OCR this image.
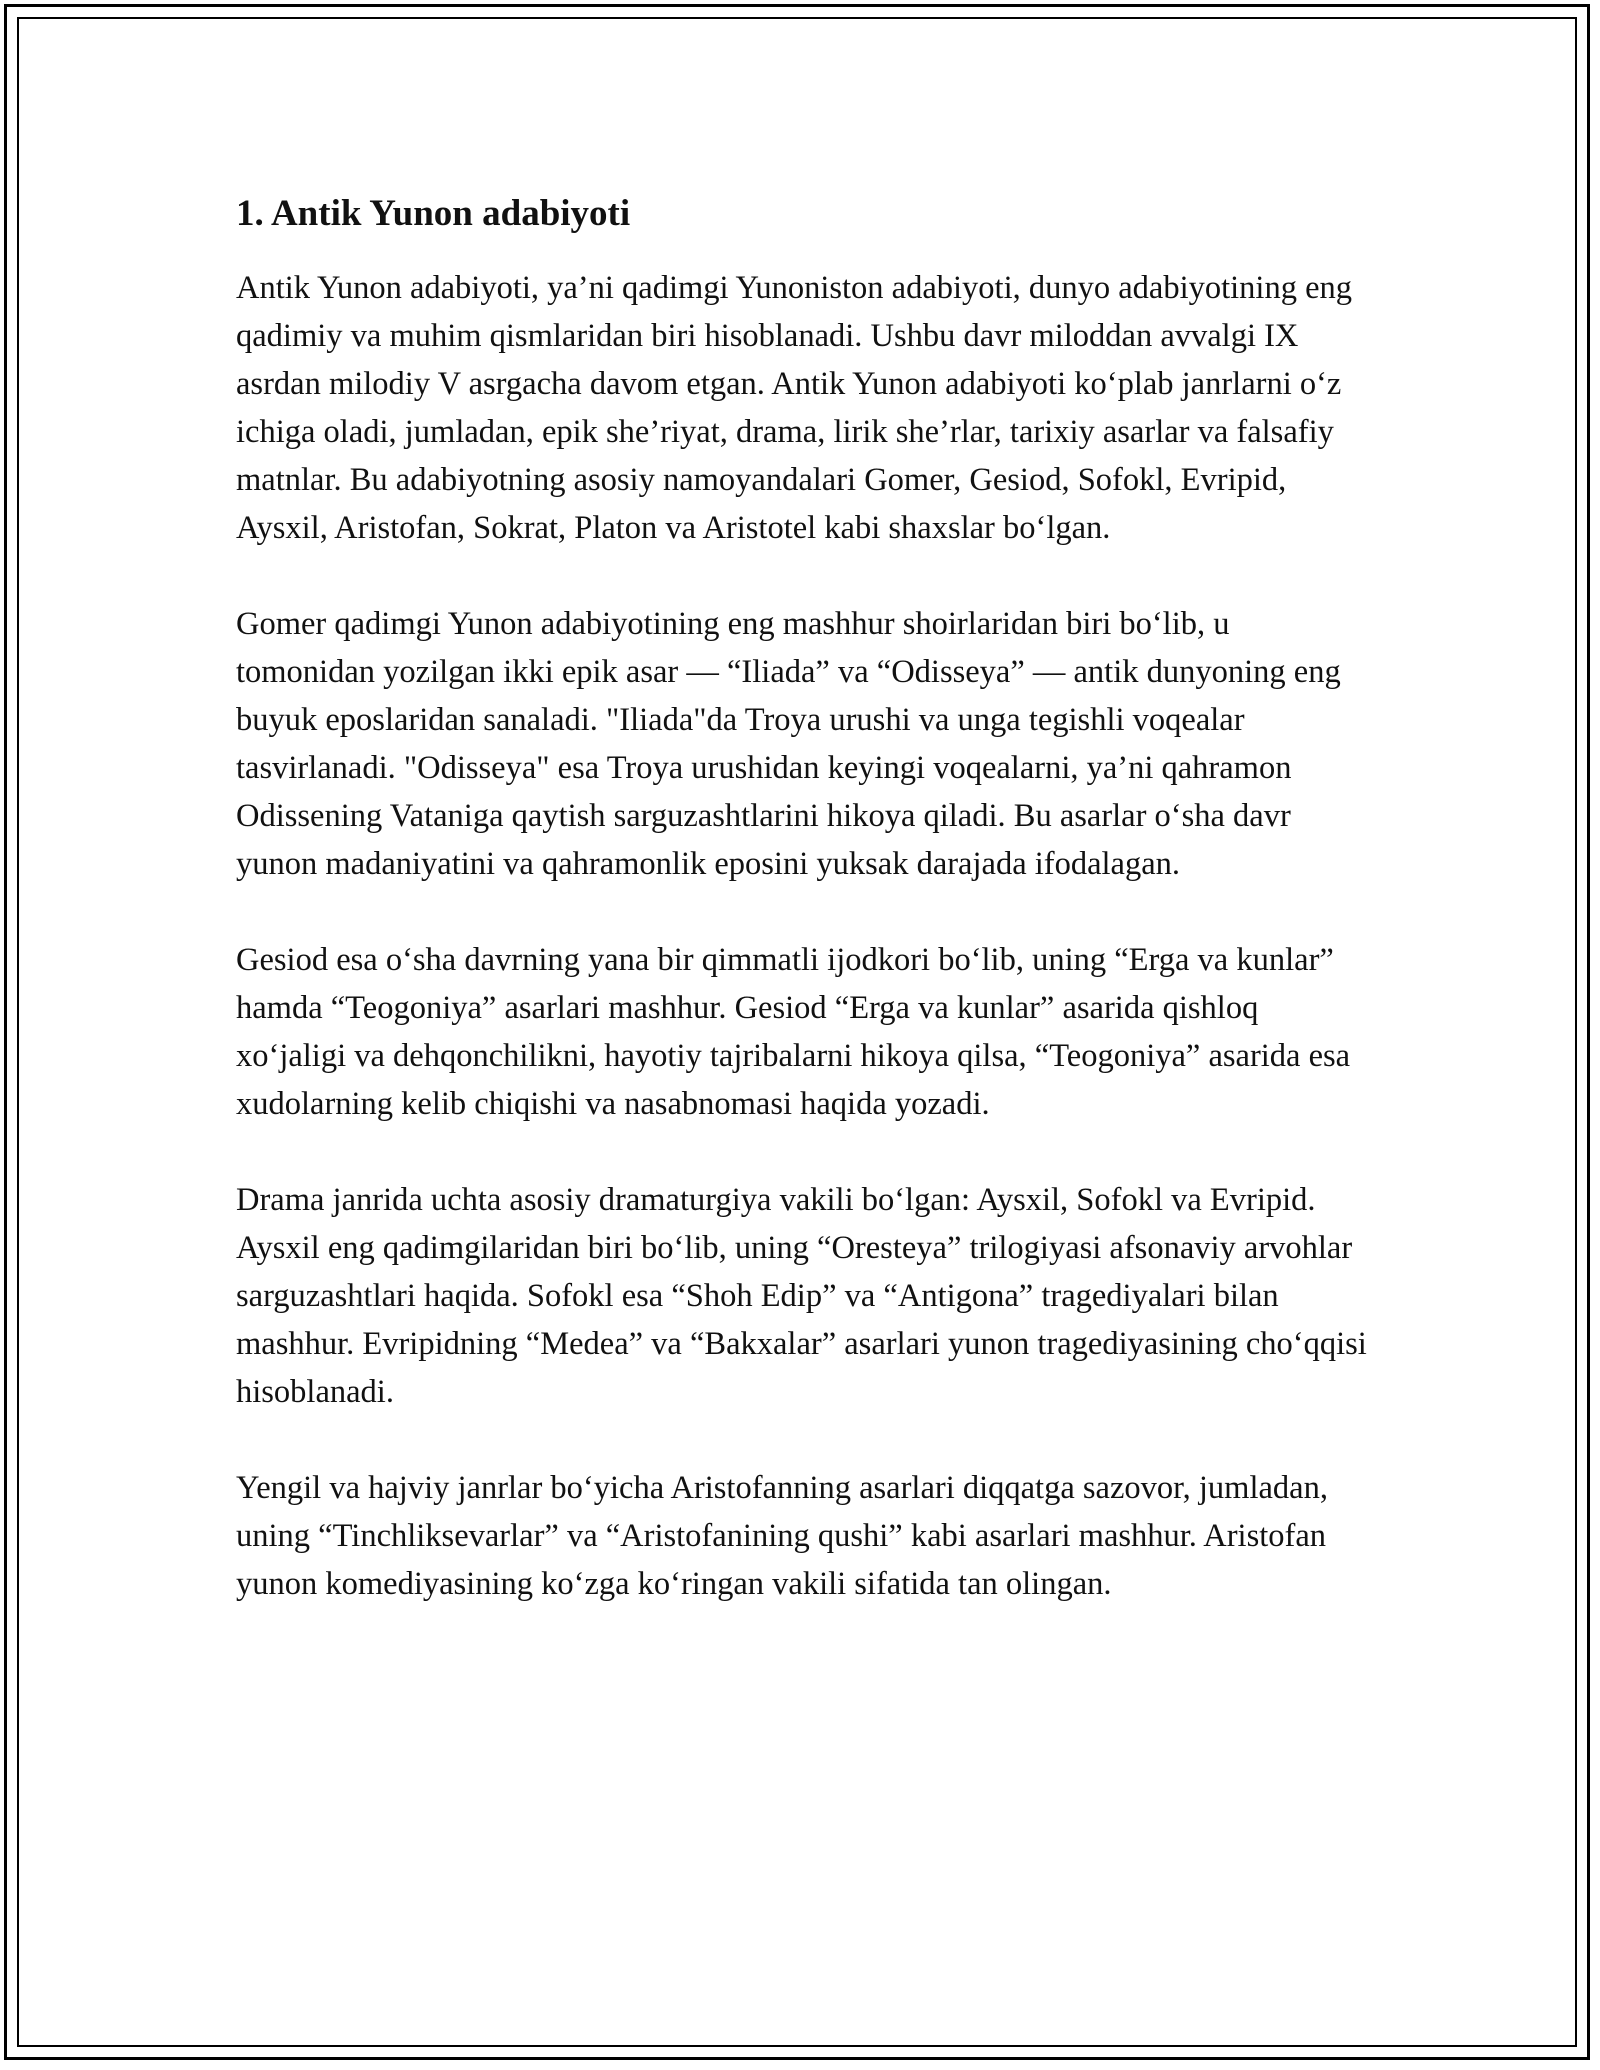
1. Antik Yunon adabiyoti

Antik Yunon adabiyoti, ya’ni qadimgi Yunoniston adabiyoti, dunyo adabiyotining eng qadimiy va muhim qismlaridan biri hisoblanadi. Ushbu davr miloddan avvalgi IX asrdan milodiy V asrgacha davom etgan. Antik Yunon adabiyoti ko‘plab janrlarni o‘z ichiga oladi, jumladan, epik she’riyat, drama, lirik she’rlar, tarixiy asarlar va falsafiy matnlar. Bu adabiyotning asosiy namoyandalari Gomer, Gesiod, Sofokl, Evripid, Aysxil, Aristofan, Sokrat, Platon va Aristotel kabi shaxslar bo‘lgan.

Gomer qadimgi Yunon adabiyotining eng mashhur shoirlaridan biri bo‘lib, u tomonidan yozilgan ikki epik asar — “Iliada” va “Odisseya” — antik dunyoning eng buyuk eposlaridan sanaladi. "Iliada"da Troya urushi va unga tegishli voqealar tasvirlanadi. "Odisseya" esa Troya urushidan keyingi voqealarni, ya’ni qahramon Odissening Vataniga qaytish sarguzashtlarini hikoya qiladi. Bu asarlar o‘sha davr yunon madaniyatini va qahramonlik eposini yuksak darajada ifodalagan.

Gesiod esa o‘sha davrning yana bir qimmatli ijodkori bo‘lib, uning “Erga va kunlar” hamda “Teogoniya” asarlari mashhur. Gesiod “Erga va kunlar” asarida qishloq xo‘jaligi va dehqonchilikni, hayotiy tajribalarni hikoya qilsa, “Teogoniya” asarida esa xudolarning kelib chiqishi va nasabnomasi haqida yozadi.

Drama janrida uchta asosiy dramaturgiya vakili bo‘lgan: Aysxil, Sofokl va Evripid. Aysxil eng qadimgilaridan biri bo‘lib, uning “Oresteya” trilogiyasi afsonaviy arvohlar sarguzashtlari haqida. Sofokl esa “Shoh Edip” va “Antigona” tragediyalari bilan mashhur. Evripidning “Medea” va “Bakxalar” asarlari yunon tragediyasining cho‘qqisi hisoblanadi.

Yengil va hajviy janrlar bo‘yicha Aristofanning asarlari diqqatga sazovor, jumladan, uning “Tinchliksevarlar” va “Aristofanining qushi” kabi asarlari mashhur. Aristofan yunon komediyasining ko‘zga ko‘ringan vakili sifatida tan olingan.
